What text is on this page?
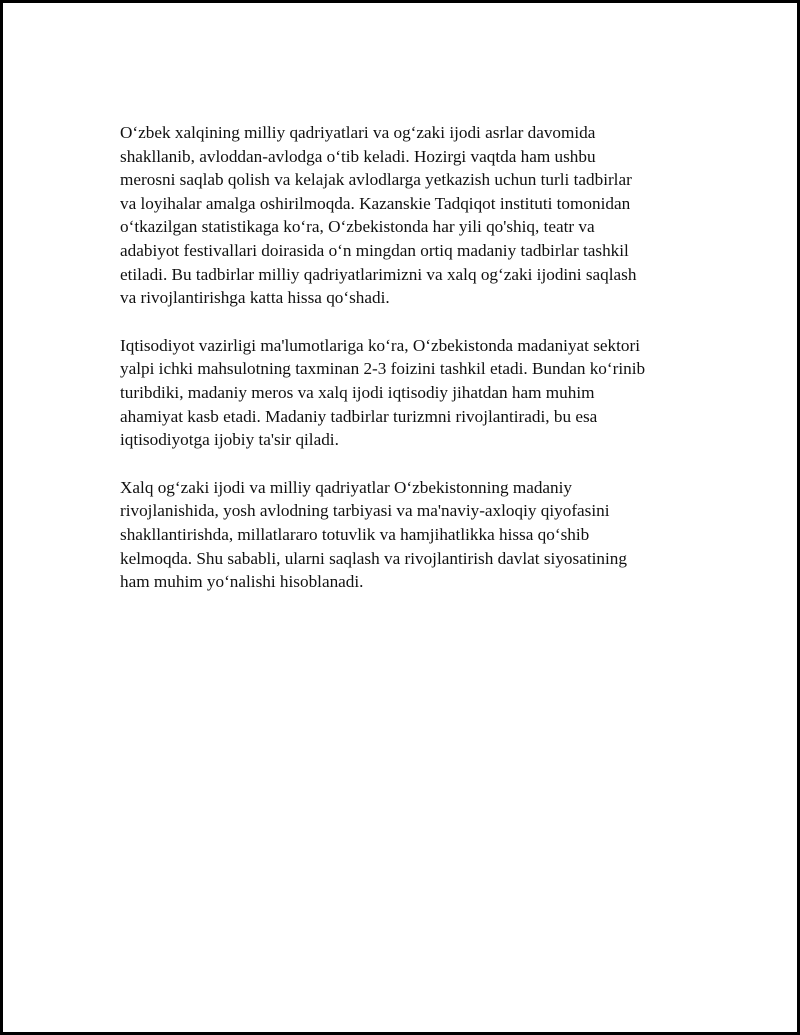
O‘zbek xalqining milliy qadriyatlari va og‘zaki ijodi asrlar davomida
shakllanib, avloddan-avlodga o‘tib keladi. Hozirgi vaqtda ham ushbu
merosni saqlab qolish va kelajak avlodlarga yetkazish uchun turli tadbirlar
va loyihalar amalga oshirilmoqda. Kazanskie Tadqiqot instituti tomonidan
o‘tkazilgan statistikaga ko‘ra, O‘zbekistonda har yili qo'shiq, teatr va
adabiyot festivallari doirasida o‘n mingdan ortiq madaniy tadbirlar tashkil
etiladi. Bu tadbirlar milliy qadriyatlarimizni va xalq og‘zaki ijodini saqlash
va rivojlantirishga katta hissa qo‘shadi.

Iqtisodiyot vazirligi ma'lumotlariga ko‘ra, O‘zbekistonda madaniyat sektori
yalpi ichki mahsulotning taxminan 2-3 foizini tashkil etadi. Bundan ko‘rinib
turibdiki, madaniy meros va xalq ijodi iqtisodiy jihatdan ham muhim
ahamiyat kasb etadi. Madaniy tadbirlar turizmni rivojlantiradi, bu esa
iqtisodiyotga ijobiy ta'sir qiladi.

Xalq og‘zaki ijodi va milliy qadriyatlar O‘zbekistonning madaniy
rivojlanishida, yosh avlodning tarbiyasi va ma'naviy-axloqiy qiyofasini
shakllantirishda, millatlararo totuvlik va hamjihatlikka hissa qo‘shib
kelmoqda. Shu sababli, ularni saqlash va rivojlantirish davlat siyosatining
ham muhim yo‘nalishi hisoblanadi.
